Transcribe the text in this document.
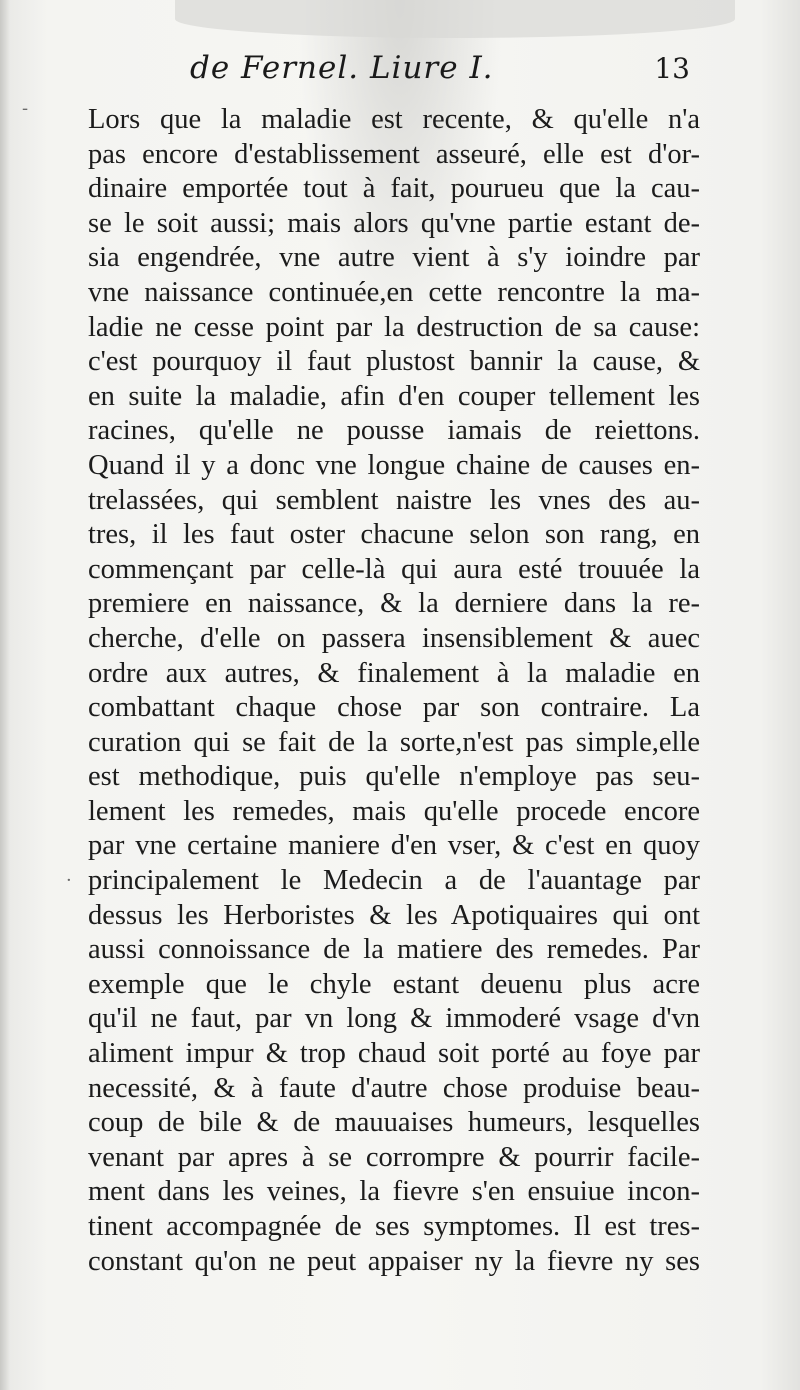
de Fernel. Liure I.	13
Lors que la maladie est recente, & qu'elle n'a
pas encore d'establissement asseuré, elle est d'or-
dinaire emportée tout à fait, pourueu que la cau-
se le soit aussi; mais alors qu'vne partie estant de-
sia engendrée, vne autre vient à s'y ioindre par
vne naissance continuée,en cette rencontre la ma-
ladie ne cesse point par la destruction de sa cause:
c'est pourquoy il faut plustost bannir la cause, &
en suite la maladie, afin d'en couper tellement les
racines, qu'elle ne pousse iamais de reiettons.
Quand il y a donc vne longue chaine de causes en-
trelassées, qui semblent naistre les vnes des au-
tres, il les faut oster chacune selon son rang, en
commençant par celle-là qui aura esté trouuée la
premiere en naissance, & la derniere dans la re-
cherche, d'elle on passera insensiblement & auec
ordre aux autres, & finalement à la maladie en
combattant chaque chose par son contraire. La
curation qui se fait de la sorte,n'est pas simple,elle
est methodique, puis qu'elle n'employe pas seu-
lement les remedes, mais qu'elle procede encore
par vne certaine maniere d'en vser, & c'est en quoy
principalement le Medecin a de l'auantage par
dessus les Herboristes & les Apotiquaires qui ont
aussi connoissance de la matiere des remedes. Par
exemple que le chyle estant deuenu plus acre
qu'il ne faut, par vn long & immoderé vsage d'vn
aliment impur & trop chaud soit porté au foye par
necessité, & à faute d'autre chose produise beau-
coup de bile & de mauuaises humeurs, lesquelles
venant par apres à se corrompre & pourrir facile-
ment dans les veines, la fievre s'en ensuiue incon-
tinent accompagnée de ses symptomes. Il est tres-
constant qu'on ne peut appaiser ny la fievre ny ses
-
·
